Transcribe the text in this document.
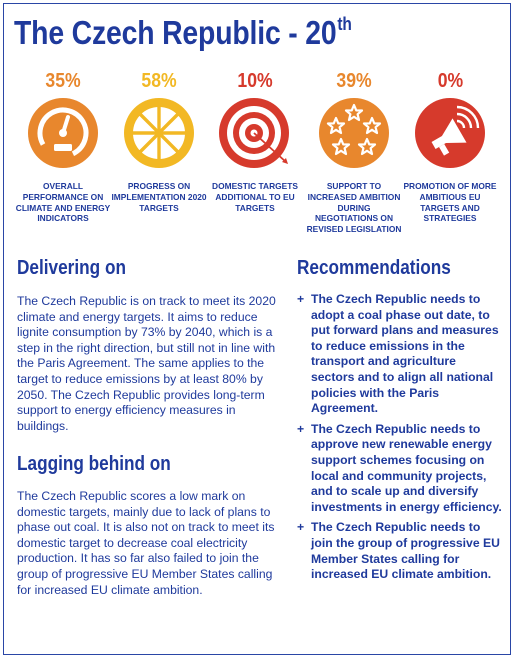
The Czech Republic - 20th
35%
OVERALL PERFORMANCE ON CLIMATE AND ENERGY INDICATORS
58%
PROGRESS ON IMPLEMENTATION 2020 TARGETS
10%
DOMESTIC TARGETS ADDITIONAL TO EU TARGETS
39%
SUPPORT TO INCREASED AMBITION DURING NEGOTIATIONS ON REVISED LEGISLATION
0%
PROMOTION OF MORE AMBITIOUS EU TARGETS AND STRATEGIES
Delivering on

The Czech Republic is on track to meet its 2020 climate and energy targets. It aims to reduce lignite consumption by 73% by 2040, which is a step in the right direction, but still not in line with the Paris Agreement. The same applies to the target to reduce emissions by at least 80% by 2050. The Czech Republic provides long-term support to energy efficiency measures in buildings.

Lagging behind on

The Czech Republic scores a low mark on domestic targets, mainly due to lack of plans to phase out coal. It is also not on track to meet its domestic target to decrease coal electricity production. It has so far also failed to join the group of progressive EU Member States calling for increased EU climate ambition.

Recommendations
+ The Czech Republic needs to adopt a coal phase out date, to put forward plans and measures to reduce emissions in the transport and agriculture sectors and to align all national policies with the Paris Agreement.
+ The Czech Republic needs to approve new renewable energy support schemes focusing on local and community projects, and to scale up and diversify investments in energy efficiency.
+ The Czech Republic needs to join the group of progressive EU Member States calling for increased EU climate ambition.
